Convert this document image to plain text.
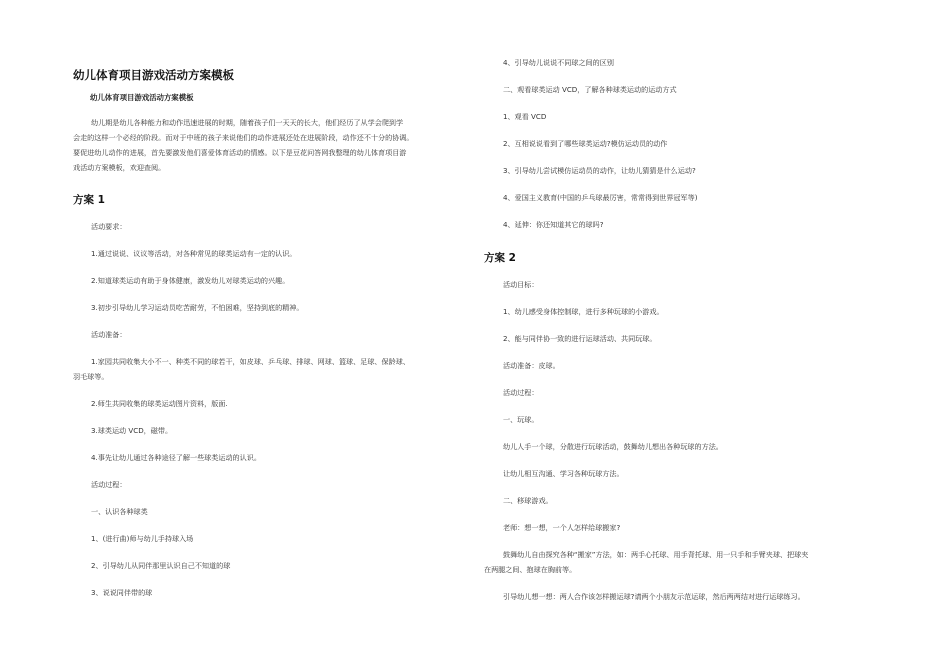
幼儿体育项目游戏活动方案模板
幼儿体育项目游戏活动方案模板
幼儿期是幼儿各种能力和动作迅速进展的时期，随着孩子们一天天的长大，他们经历了从学会爬到学
会走的这样一个必经的阶段。而对于中班的孩子来说他们的动作进展还处在进展阶段，动作还不十分的协调。
要促进幼儿动作的进展，首先要激发他们喜爱体育活动的情感。以下是豆花问答网我整理的幼儿体育项目游
戏活动方案模板，欢迎查阅。
方案 1
活动要求：
1.通过说说、议议等活动，对各种常见的球类运动有一定的认识。
2.知道球类运动有助于身体健康，激发幼儿对球类运动的兴趣。
3.初步引导幼儿学习运动员吃苦耐劳，不怕困难，坚持到底的精神。
活动准备：
1.家园共同收集大小不一、种类不同的球若干，如皮球、乒乓球、排球、网球、篮球、足球、保龄球、
羽毛球等。
2.师生共同收集的球类运动图片资料，版面.
3.球类运动 VCD，磁带。
4.事先让幼儿通过各种途径了解一些球类运动的认识。
活动过程：
一、认识各种球类
1、(进行曲)师与幼儿手持球入场
2、引导幼儿从同伴那里认识自己不知道的球
3、说说同伴带的球
4、引导幼儿说说不同球之间的区别
二、观看球类运动 VCD，了解各种球类运动的运动方式
1、观看 VCD
2、互相说说看到了哪些球类运动?模仿运动员的动作
3、引导幼儿尝试模仿运动员的动作，让幼儿猜猜是什么运动?
4、爱国主义教育(中国的乒乓球最厉害，常常得到世界冠军等)
4、延伸：你还知道其它的球吗?
方案 2
活动目标：
1、幼儿感受身体控制球，进行多种玩球的小游戏。
2、能与同伴协一致的进行运球活动、共同玩球。
活动准备：皮球。
活动过程：
一、玩球。
幼儿人手一个球，分散进行玩球活动，鼓舞幼儿想出各种玩球的方法。
让幼儿相互沟通、学习各种玩球方法。
二、移球游戏。
老师：想一想，一个人怎样给球搬家?
鼓舞幼儿自由探究各种“搬家”方法，如：两手心托球、用手背托球、用一只手和手臂夹球、把球夹
在两腿之间、抱球在胸前等。
引导幼儿想一想：两人合作该怎样搬运球?请两个小朋友示范运球，然后两两结对进行运球练习。
